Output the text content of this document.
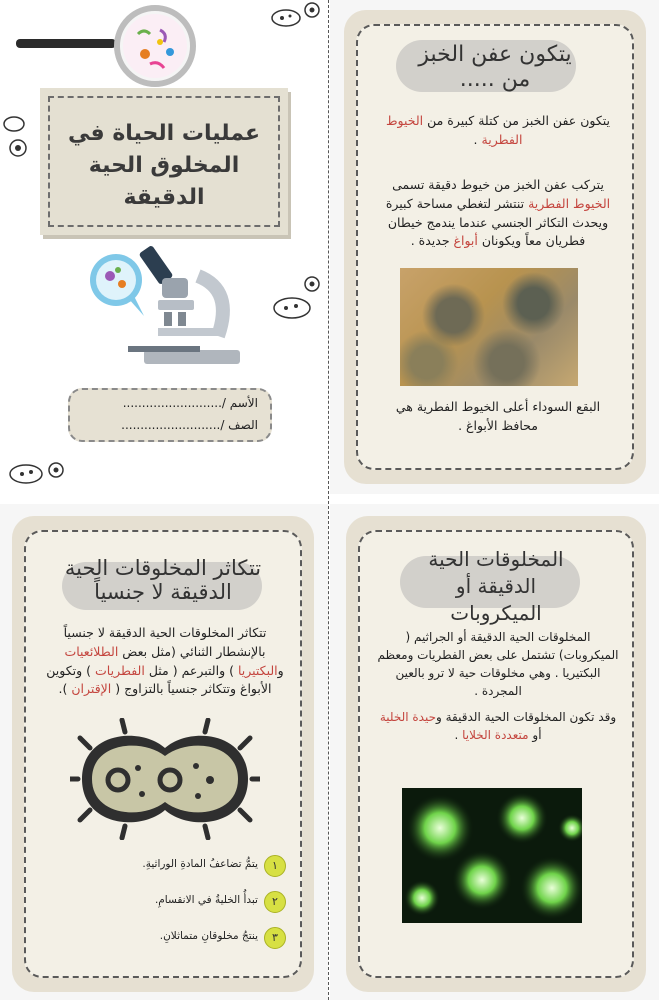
عمليات الحياة في
المخلوق الحية الدقيقة
الأسم /..........................
الصف /..........................
يتكون عفن الخبز
من .....
يتكون عفن الخبز من كتلة كبيرة من الخيوط الفطرية .
يتركب عفن الخبز من خيوط دقيقة تسمى الخيوط الفطرية تنتشر لتغطي مساحة كبيرة ويحدث التكاثر الجنسي عندما يندمج خيطان فطريان معاً ويكونان أبواغ جديدة .
البقع السوداء أعلى الخيوط الفطرية هي محافظ الأبواغ .
تتكاثر المخلوقات الحية
الدقيقة لا جنسياً
تتكاثر المخلوقات الحية الدقيقة لا جنسياً بالإنشطار الثنائي (مثل بعض الطلائعيات والبكتيريا ) والتبرعم ( مثل الفطريات ) وتكوين الأبواغ وتتكاثر جنسياً بالتزاوج ( الإقتران ).
١
يتمُّ تضاعفُ المادةِ الوراثيةِ.
٢
تبدأُ الخليةُ في الانقسامِ.
٣
ينتجُ مخلوقانِ متماثلانِ.
المخلوقات الحية
الدقيقة أو
الميكروبات
المخلوقات الحية الدقيقة أو الجراثيم ( الميكروبات) تشتمل على بعض الفطريات ومعظم البكتيريا . وهي مخلوقات حية لا ترو بالعين المجردة .
وقد تكون المخلوقات الحية الدقيقة وحيدة الخلية أو متعددة الخلايا .
